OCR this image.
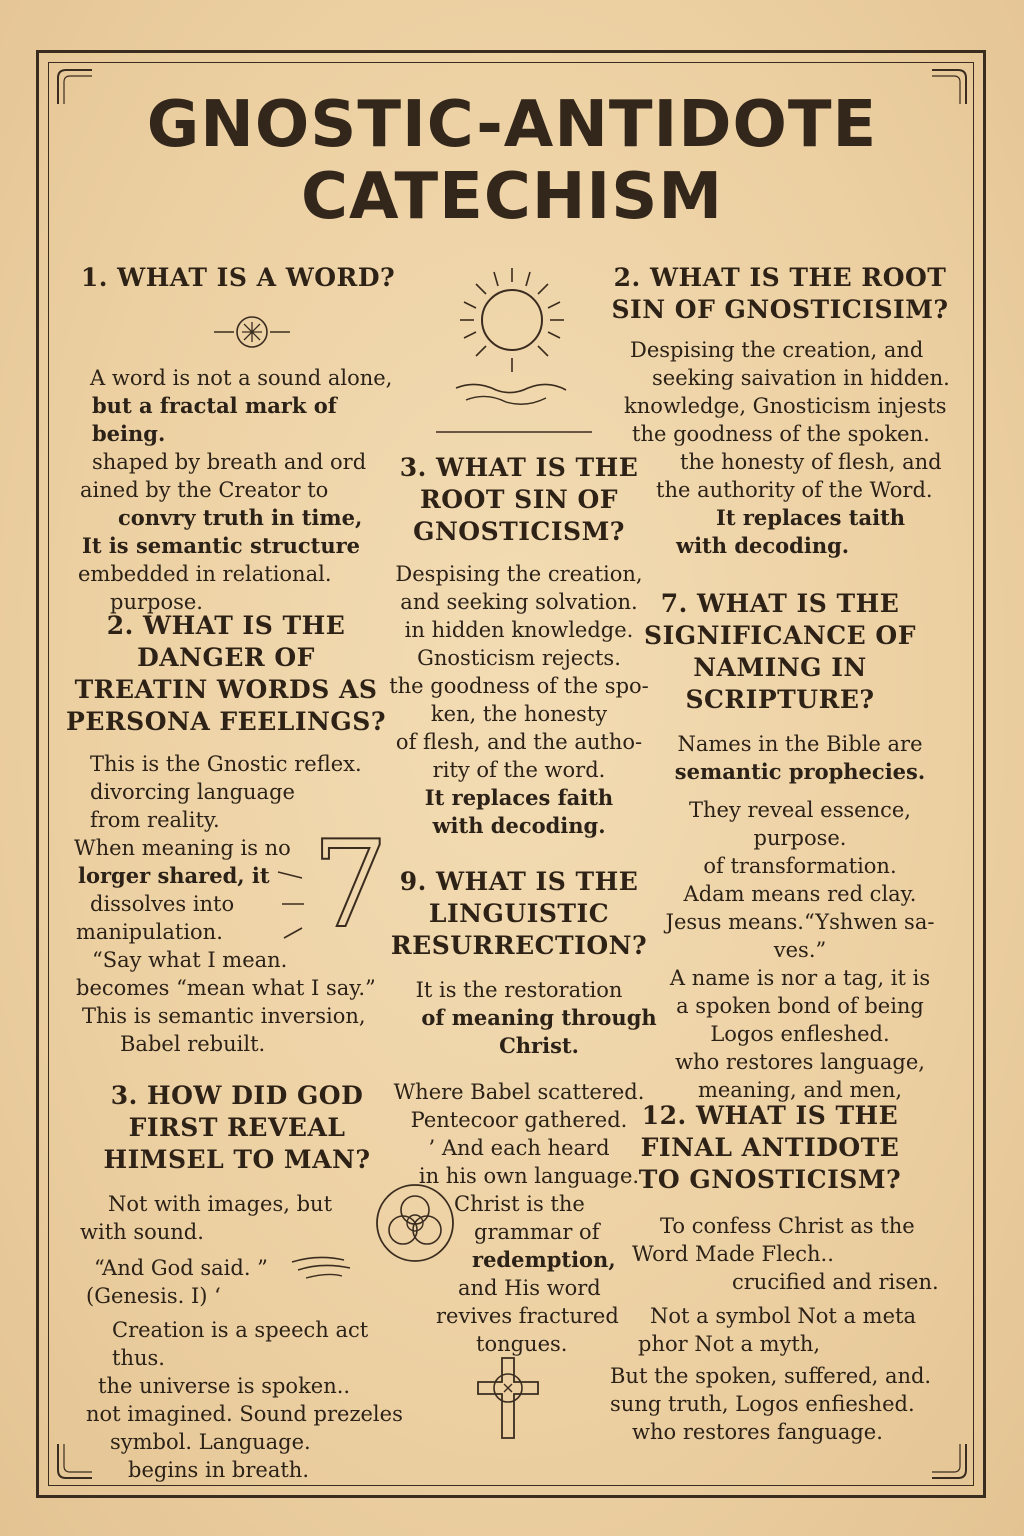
GNOSTIC-ANTIDOTE
CATECHISM

1. WHAT IS A WORD?

A word is not a sound alone,
but a fractal mark of being.
shaped by breath and ord
ained by the Creator to
convry truth in time,
It is semantic structure
embedded in relational.
purpose.

2. WHAT IS THE ROOT SIN OF GNOSTICISIM?

Despising the creation, and
seeking saivation in hidden.
knowledge, Gnosticism injests
the goodness of the spoken.
the honesty of flesh, and
the authority of the Word.
It replaces taith
with decoding.

3. WHAT IS THE ROOT SIN OF GNOSTICISM?

Despising the creation,
and seeking solvation.
in hidden knowledge.
Gnosticism rejects.
the goodness of the spo-
ken, the honesty
of flesh, and the autho-
rity of the word.
It replaces faith
with decoding.

2. WHAT IS THE DANGER OF TREATIN WORDS AS PERSONA FEELINGS?

This is the Gnostic reflex.
divorcing language
from reality.
When meaning is no
lorger shared, it
dissolves into
manipulation.
“Say what I mean.
becomes “mean what I say.”
This is semantic inversion,
Babel rebuilt.
7

7. WHAT IS THE SIGNIFICANCE OF NAMING IN SCRIPTURE?

Names in the Bible are
semantic prophecies.
They reveal essence, purpose.
of transformation.
Adam means red clay.
Jesus means.“Yshwen sa-
ves.”
A name is nor a tag, it is
a spoken bond of being
Logos enfleshed.
who restores language,
meaning, and men,

9. WHAT IS THE LINGUISTIC RESURRECTION?

It is the restoration
of meaning through Christ.
Where Babel scattered.
Pentecoor gathered.
’ And each heard
in his own language.
Christ is the
grammar of
redemption,
and His word
revives fractured
tongues.

3. HOW DID GOD FIRST REVEAL HIMSEL TO MAN?

Not with images, but
with sound.
“And God said. ”
(Genesis. I) ‘
Creation is a speech act thus.
the universe is spoken..
not imagined. Sound prezeles
symbol. Language.
begins in breath.

12. WHAT IS THE FINAL ANTIDOTE TO GNOSTICISM?

To confess Christ as the
Word Made Flech..
crucified and risen.
Not a symbol Not a meta
phor Not a myth,
But the spoken, suffered, and.
sung truth, Logos enfieshed.
who restores fanguage.
